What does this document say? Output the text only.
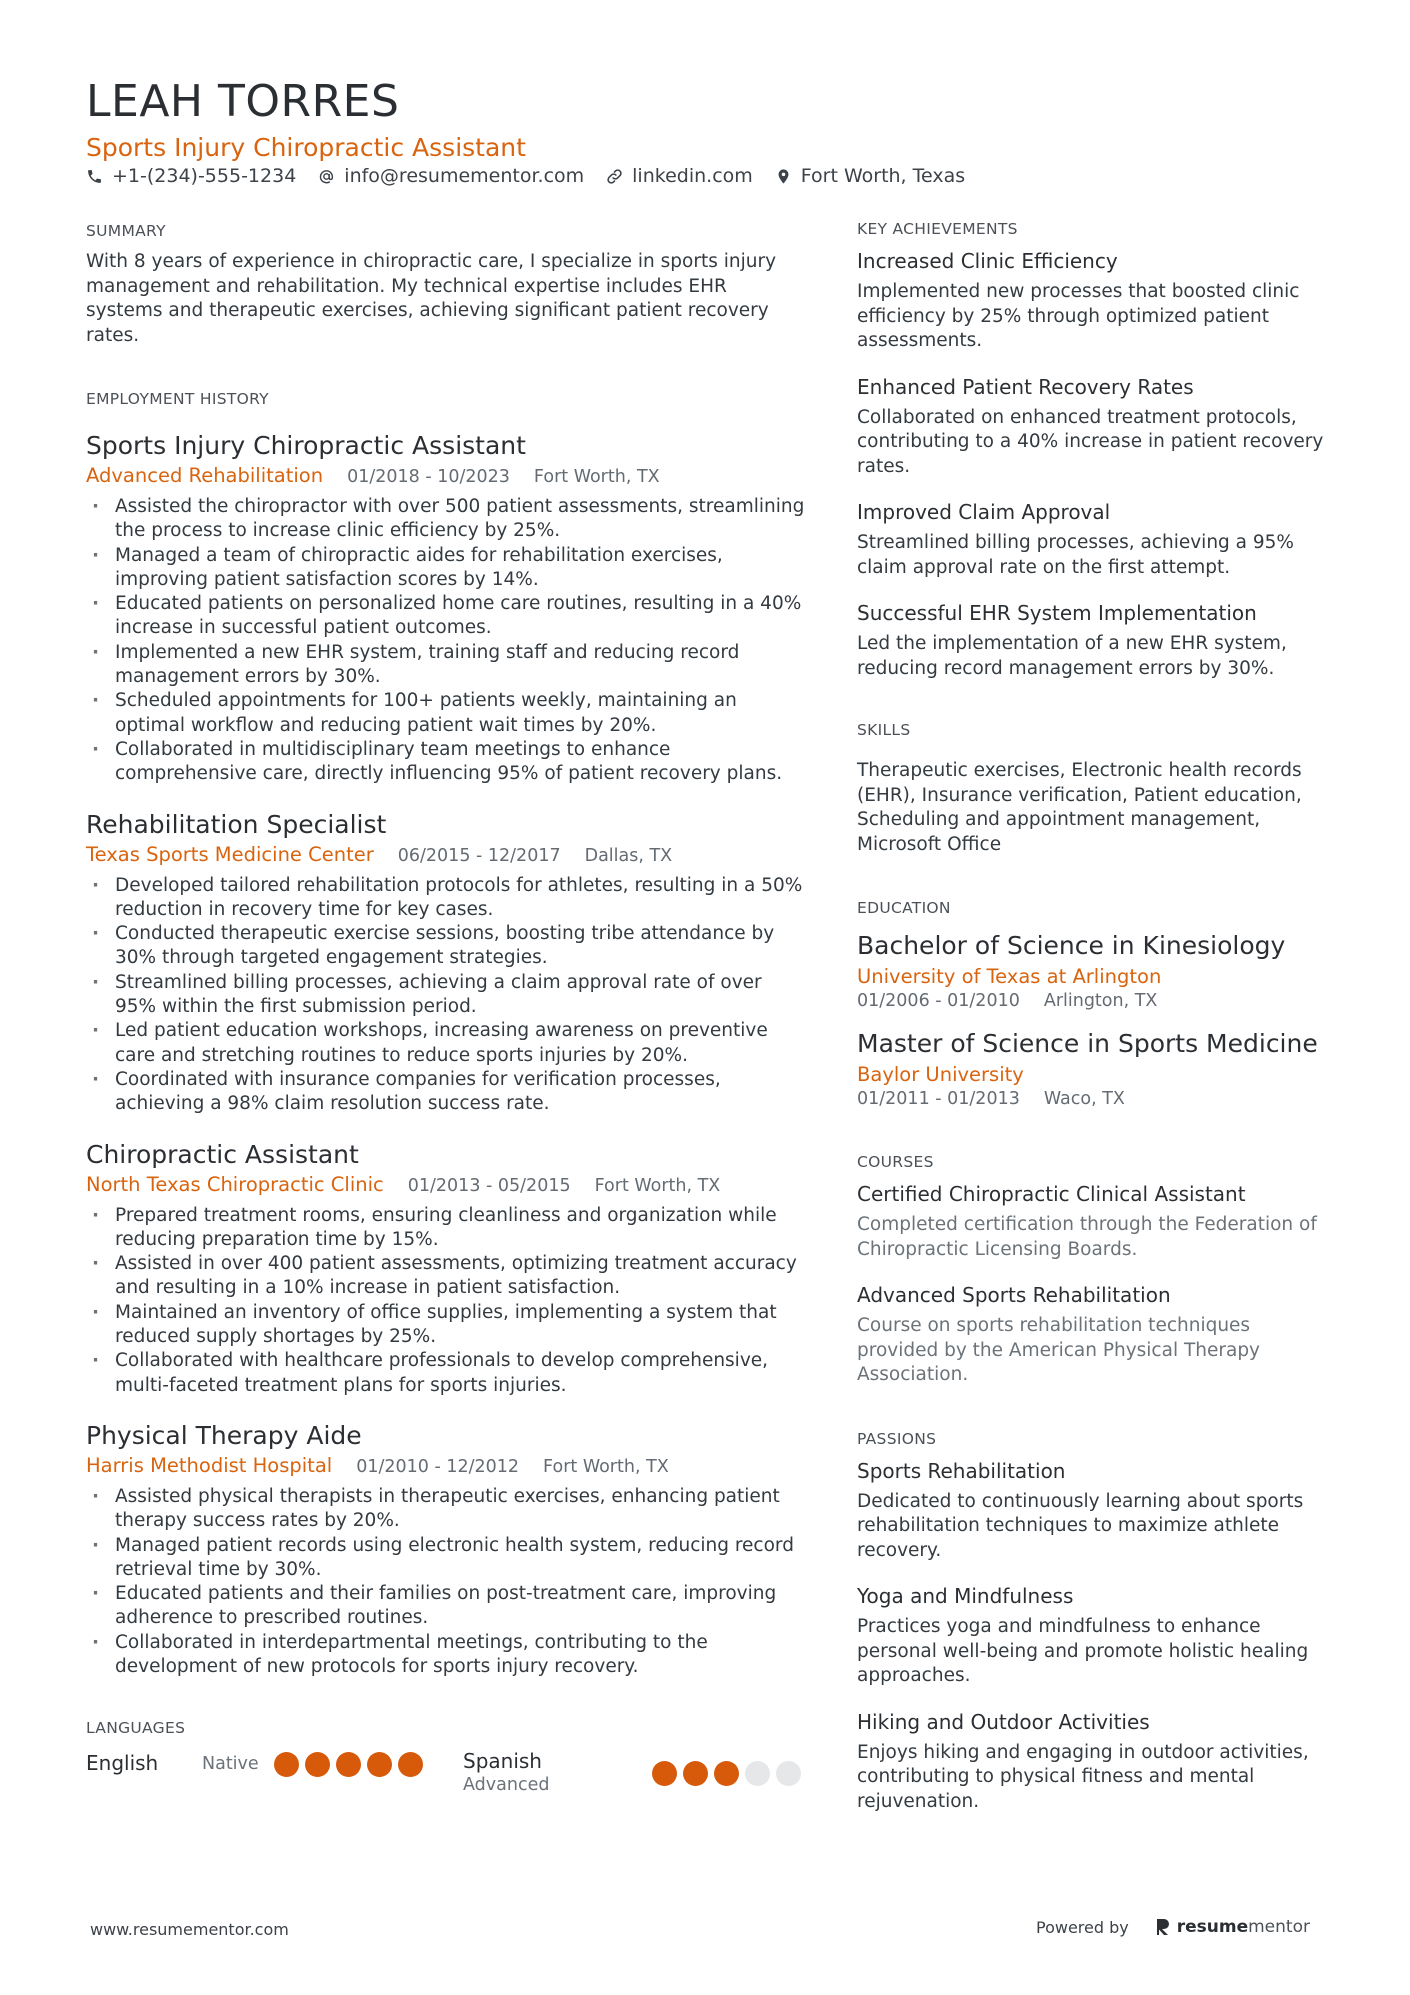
LEAH TORRES
Sports Injury Chiropractic Assistant
+1-(234)-555-1234	info@resumementor.com	linkedin.com	Fort Worth, Texas
SUMMARY
With 8 years of experience in chiropractic care, I specialize in sports injury management and rehabilitation. My technical expertise includes EHR systems and therapeutic exercises, achieving significant patient recovery rates.
EMPLOYMENT HISTORY
Sports Injury Chiropractic Assistant
Advanced Rehabilitation 01/2018 - 10/2023 Fort Worth, TX
· Assisted the chiropractor with over 500 patient assessments, streamlining the process to increase clinic efficiency by 25%.
· Managed a team of chiropractic aides for rehabilitation exercises, improving patient satisfaction scores by 14%.
· Educated patients on personalized home care routines, resulting in a 40% increase in successful patient outcomes.
· Implemented a new EHR system, training staff and reducing record management errors by 30%.
· Scheduled appointments for 100+ patients weekly, maintaining an optimal workflow and reducing patient wait times by 20%.
· Collaborated in multidisciplinary team meetings to enhance comprehensive care, directly influencing 95% of patient recovery plans.
Rehabilitation Specialist
Texas Sports Medicine Center 06/2015 - 12/2017 Dallas, TX
· Developed tailored rehabilitation protocols for athletes, resulting in a 50% reduction in recovery time for key cases.
· Conducted therapeutic exercise sessions, boosting tribe attendance by 30% through targeted engagement strategies.
· Streamlined billing processes, achieving a claim approval rate of over 95% within the first submission period.
· Led patient education workshops, increasing awareness on preventive care and stretching routines to reduce sports injuries by 20%.
· Coordinated with insurance companies for verification processes, achieving a 98% claim resolution success rate.
Chiropractic Assistant
North Texas Chiropractic Clinic 01/2013 - 05/2015 Fort Worth, TX
· Prepared treatment rooms, ensuring cleanliness and organization while reducing preparation time by 15%.
· Assisted in over 400 patient assessments, optimizing treatment accuracy and resulting in a 10% increase in patient satisfaction.
· Maintained an inventory of office supplies, implementing a system that reduced supply shortages by 25%.
· Collaborated with healthcare professionals to develop comprehensive, multi-faceted treatment plans for sports injuries.
Physical Therapy Aide
Harris Methodist Hospital 01/2010 - 12/2012 Fort Worth, TX
· Assisted physical therapists in therapeutic exercises, enhancing patient therapy success rates by 20%.
· Managed patient records using electronic health system, reducing record retrieval time by 30%.
· Educated patients and their families on post-treatment care, improving adherence to prescribed routines.
· Collaborated in interdepartmental meetings, contributing to the development of new protocols for sports injury recovery.
LANGUAGES
English	Native	Spanish
Advanced
KEY ACHIEVEMENTS
Increased Clinic Efficiency
Implemented new processes that boosted clinic efficiency by 25% through optimized patient assessments.
Enhanced Patient Recovery Rates
Collaborated on enhanced treatment protocols, contributing to a 40% increase in patient recovery rates.
Improved Claim Approval
Streamlined billing processes, achieving a 95% claim approval rate on the first attempt.
Successful EHR System Implementation
Led the implementation of a new EHR system, reducing record management errors by 30%.
SKILLS
Therapeutic exercises, Electronic health records (EHR), Insurance verification, Patient education, Scheduling and appointment management, Microsoft Office
EDUCATION
Bachelor of Science in Kinesiology
University of Texas at Arlington
01/2006 - 01/2010 Arlington, TX
Master of Science in Sports Medicine
Baylor University
01/2011 - 01/2013 Waco, TX
COURSES
Certified Chiropractic Clinical Assistant
Completed certification through the Federation of Chiropractic Licensing Boards.
Advanced Sports Rehabilitation
Course on sports rehabilitation techniques provided by the American Physical Therapy Association.
PASSIONS
Sports Rehabilitation
Dedicated to continuously learning about sports rehabilitation techniques to maximize athlete recovery.
Yoga and Mindfulness
Practices yoga and mindfulness to enhance personal well-being and promote holistic healing approaches.
Hiking and Outdoor Activities
Enjoys hiking and engaging in outdoor activities, contributing to physical fitness and mental rejuvenation.
www.resumementor.com	Powered by	resumementor
